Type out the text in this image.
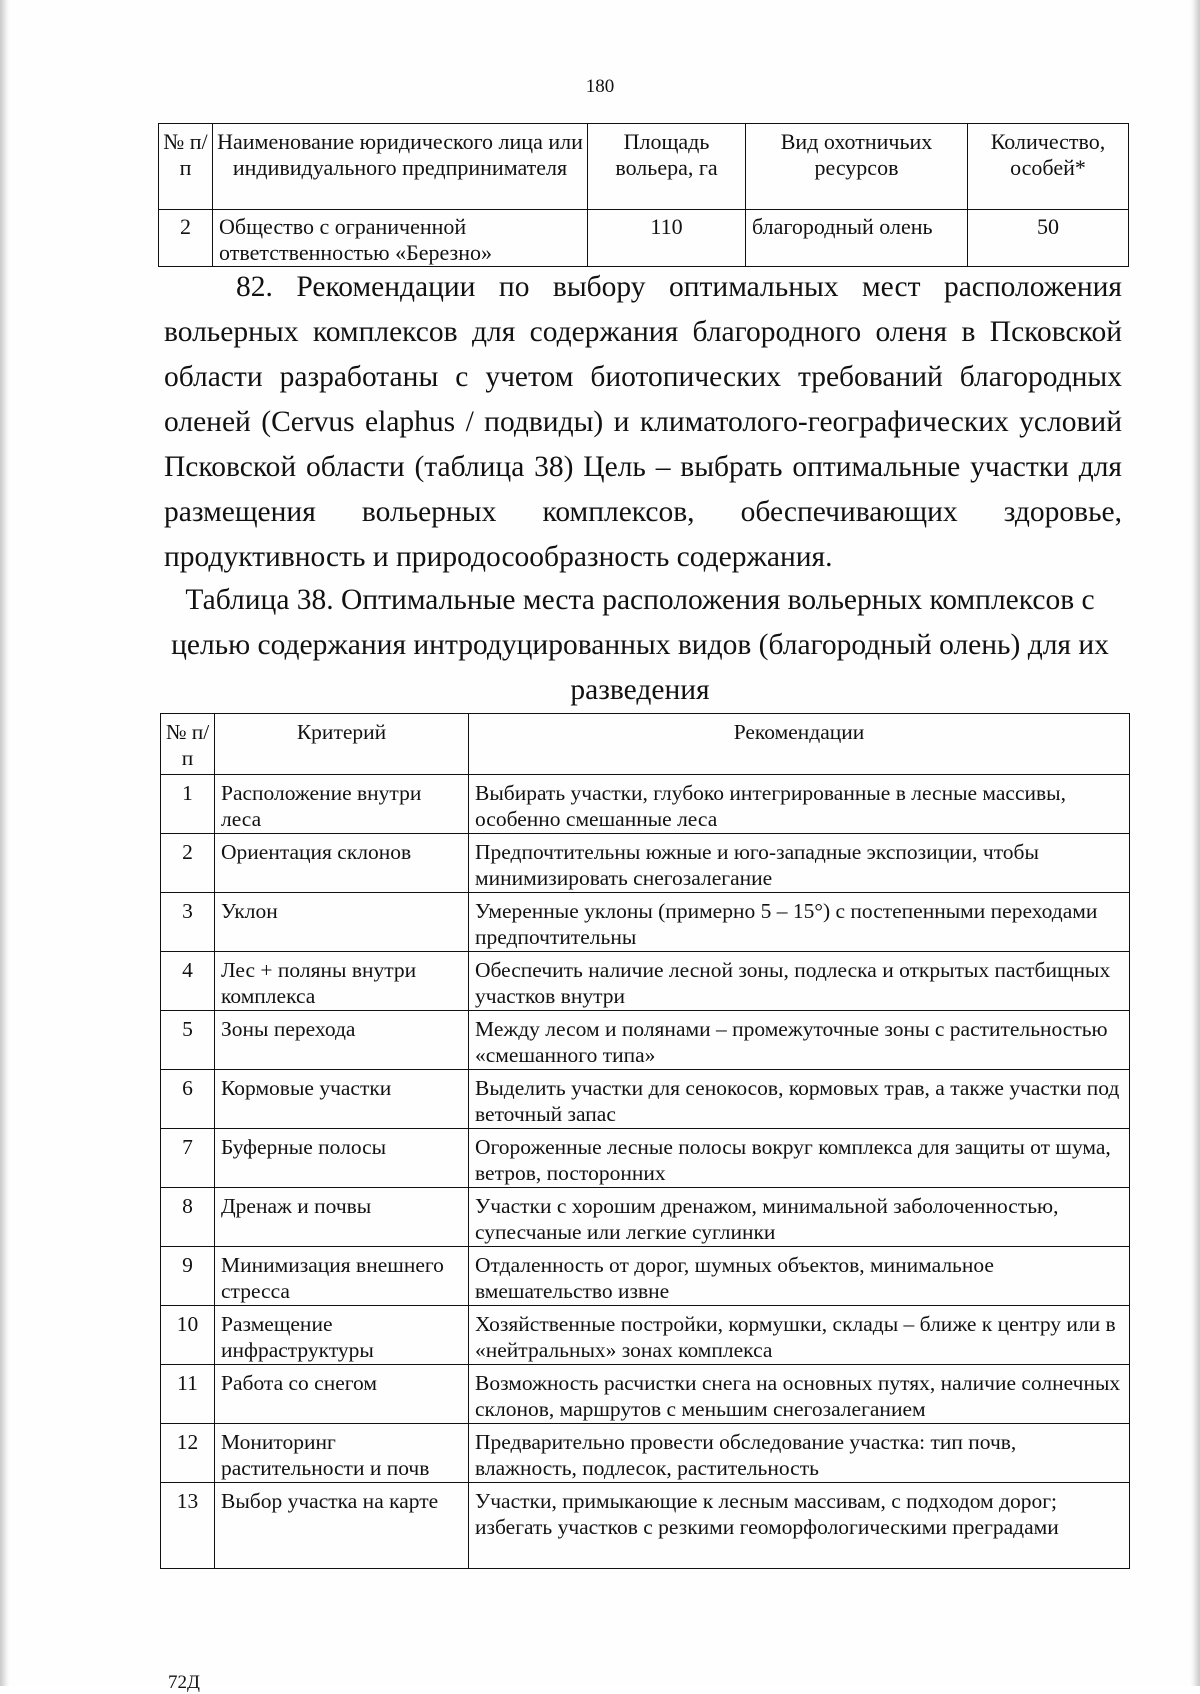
180
№ п/п	Наименование юридического лица или индивидуального предпринимателя	Площадь вольера, га	Вид охотничьих ресурсов	Количество, особей*
2	Общество с ограниченной ответственностью «Березно»	110	благородный олень	50

82. Рекомендации по выбору оптимальных мест расположения вольерных комплексов для содержания благородного оленя в Псковской области разработаны с учетом биотопических требований благородных оленей (Cervus elaphus / подвиды) и климатолого-географических условий Псковской области (таблица 38) Цель – выбрать оптимальные участки для размещения вольерных комплексов, обеспечивающих здоровье, продуктивность и природосообразность содержания.

Таблица 38. Оптимальные места расположения вольерных комплексов с целью содержания интродуцированных видов (благородный олень) для их разведения

№ п/п	Критерий	Рекомендации
1	Расположение внутри леса	Выбирать участки, глубоко интегрированные в лесные массивы, особенно смешанные леса
2	Ориентация склонов	Предпочтительны южные и юго-западные экспозиции, чтобы минимизировать снегозалегание
3	Уклон	Умеренные уклоны (примерно 5 – 15°) с постепенными переходами предпочтительны
4	Лес + поляны внутри комплекса	Обеспечить наличие лесной зоны, подлеска и открытых пастбищных участков внутри
5	Зоны перехода	Между лесом и полянами – промежуточные зоны с растительностью «смешанного типа»
6	Кормовые участки	Выделить участки для сенокосов, кормовых трав, а также участки под веточный запас
7	Буферные полосы	Огороженные лесные полосы вокруг комплекса для защиты от шума, ветров, посторонних
8	Дренаж и почвы	Участки с хорошим дренажом, минимальной заболоченностью, супесчаные или легкие суглинки
9	Минимизация внешнего стресса	Отдаленность от дорог, шумных объектов, минимальное вмешательство извне
10	Размещение инфраструктуры	Хозяйственные постройки, кормушки, склады – ближе к центру или в «нейтральных» зонах комплекса
11	Работа со снегом	Возможность расчистки снега на основных путях, наличие солнечных склонов, маршрутов с меньшим снегозалеганием
12	Мониторинг растительности и почв	Предварительно провести обследование участка: тип почв, влажность, подлесок, растительность
13	Выбор участка на карте	Участки, примыкающие к лесным массивам, с подходом дорог; избегать участков с резкими геоморфологическими преградами
72Д
